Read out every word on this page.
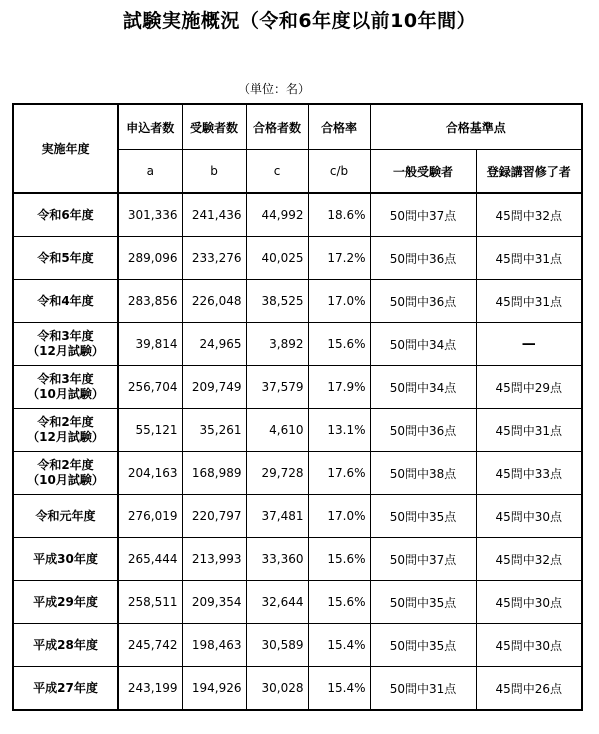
試験実施概況（令和6年度以前10年間）
（単位：名）
実施年度	申込者数	受験者数	合格者数	合格率	合格基準点	
	a	b	c	c/b	一般受験者	登録講習修了者

令和6年度	301,336	241,436	44,992	18.6%	50問中37点	45問中32点

令和5年度	289,096	233,276	40,025	17.2%	50問中36点	45問中31点

令和4年度	283,856	226,048	38,525	17.0%	50問中36点	45問中31点

令和3年度
（12月試験）	39,814	24,965	3,892	15.6%	50問中34点	—

令和3年度
（10月試験）	256,704	209,749	37,579	17.9%	50問中34点	45問中29点

令和2年度
（12月試験）	55,121	35,261	4,610	13.1%	50問中36点	45問中31点

令和2年度
（10月試験）	204,163	168,989	29,728	17.6%	50問中38点	45問中33点

令和元年度	276,019	220,797	37,481	17.0%	50問中35点	45問中30点

平成30年度	265,444	213,993	33,360	15.6%	50問中37点	45問中32点

平成29年度	258,511	209,354	32,644	15.6%	50問中35点	45問中30点

平成28年度	245,742	198,463	30,589	15.4%	50問中35点	45問中30点

平成27年度	243,199	194,926	30,028	15.4%	50問中31点	45問中26点
